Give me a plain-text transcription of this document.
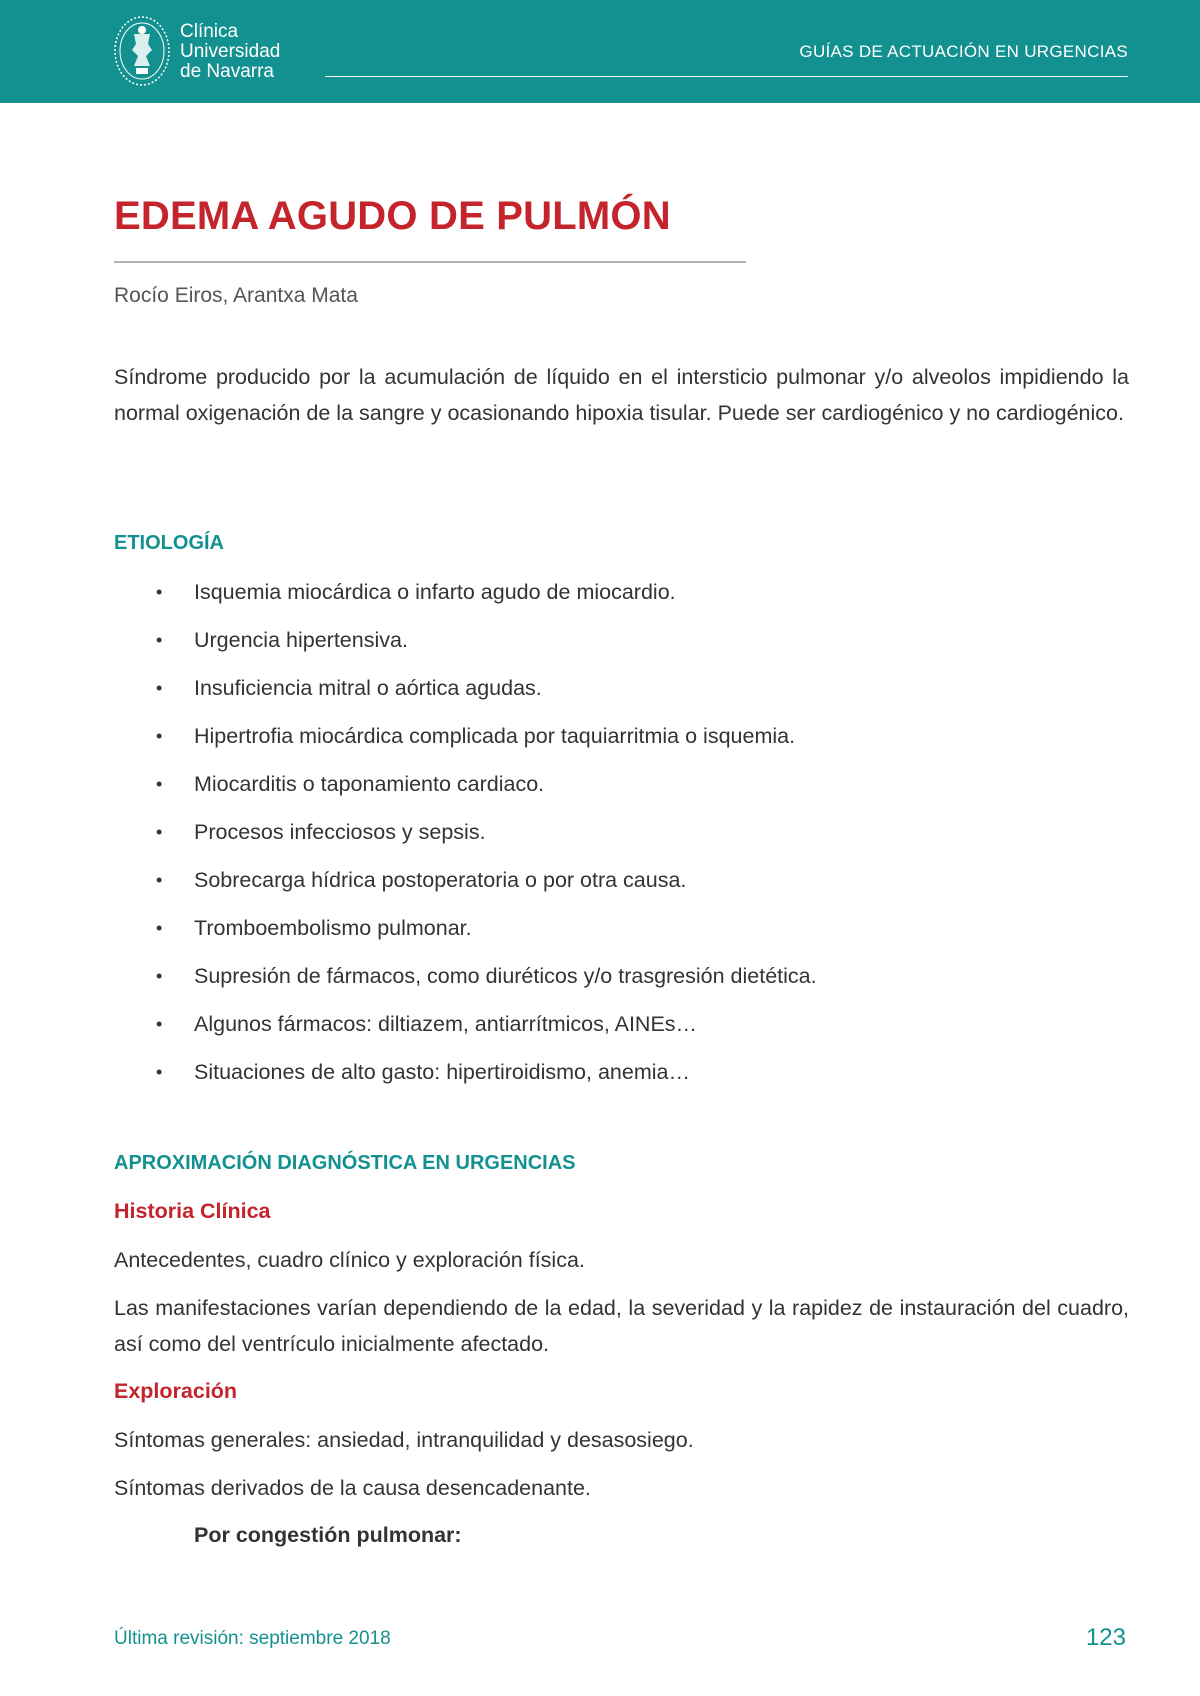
Clínica
Universidad
de Navarra
GUÍAS DE ACTUACIÓN EN URGENCIAS
EDEMA AGUDO DE PULMÓN
Rocío Eiros, Arantxa Mata

Síndrome producido por la acumulación de líquido en el intersticio pulmonar y/o alveolos impidiendo la normal oxigenación de la sangre y ocasionando hipoxia tisular. Puede ser cardiogénico y no cardiogénico.

ETIOLOGÍA
• Isquemia miocárdica o infarto agudo de miocardio.
• Urgencia hipertensiva.
• Insuficiencia mitral o aórtica agudas.
• Hipertrofia miocárdica complicada por taquiarritmia o isquemia.
• Miocarditis o taponamiento cardiaco.
• Procesos infecciosos y sepsis.
• Sobrecarga hídrica postoperatoria o por otra causa.
• Tromboembolismo pulmonar.
• Supresión de fármacos, como diuréticos y/o trasgresión dietética.
• Algunos fármacos: diltiazem, antiarrítmicos, AINEs…
• Situaciones de alto gasto: hipertiroidismo, anemia…
APROXIMACIÓN DIAGNÓSTICA EN URGENCIAS
Historia Clínica

Antecedentes, cuadro clínico y exploración física.

Las manifestaciones varían dependiendo de la edad, la severidad y la rapidez de instauración del cuadro, así como del ventrículo inicialmente afectado.

Exploración

Síntomas generales: ansiedad, intranquilidad y desasosiego.

Síntomas derivados de la causa desencadenante.

Por congestión pulmonar:

Última revisión: septiembre 2018	123
